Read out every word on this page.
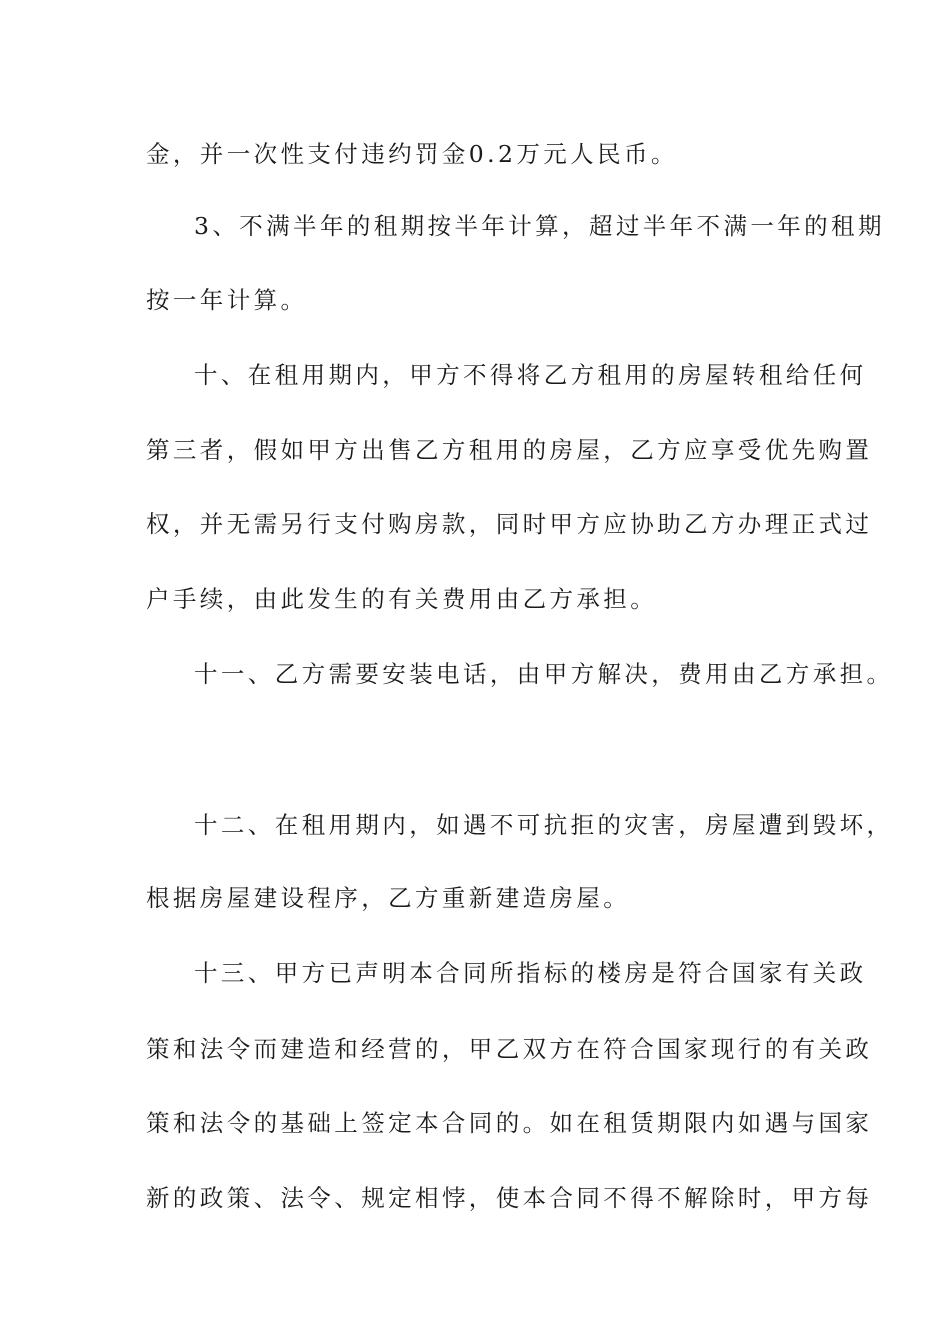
金，并一次性支付违约罚金0.2万元人民币。
3、不满半年的租期按半年计算，超过半年不满一年的租期
按一年计算。
十、在租用期内，甲方不得将乙方租用的房屋转租给任何
第三者，假如甲方出售乙方租用的房屋，乙方应享受优先购置
权，并无需另行支付购房款，同时甲方应协助乙方办理正式过
户手续，由此发生的有关费用由乙方承担。
十一、乙方需要安装电话，由甲方解决，费用由乙方承担。
十二、在租用期内，如遇不可抗拒的灾害，房屋遭到毁坏，
根据房屋建设程序，乙方重新建造房屋。
十三、甲方已声明本合同所指标的楼房是符合国家有关政
策和法令而建造和经营的，甲乙双方在符合国家现行的有关政
策和法令的基础上签定本合同的。如在租赁期限内如遇与国家
新的政策、法令、规定相悖，使本合同不得不解除时，甲方每
